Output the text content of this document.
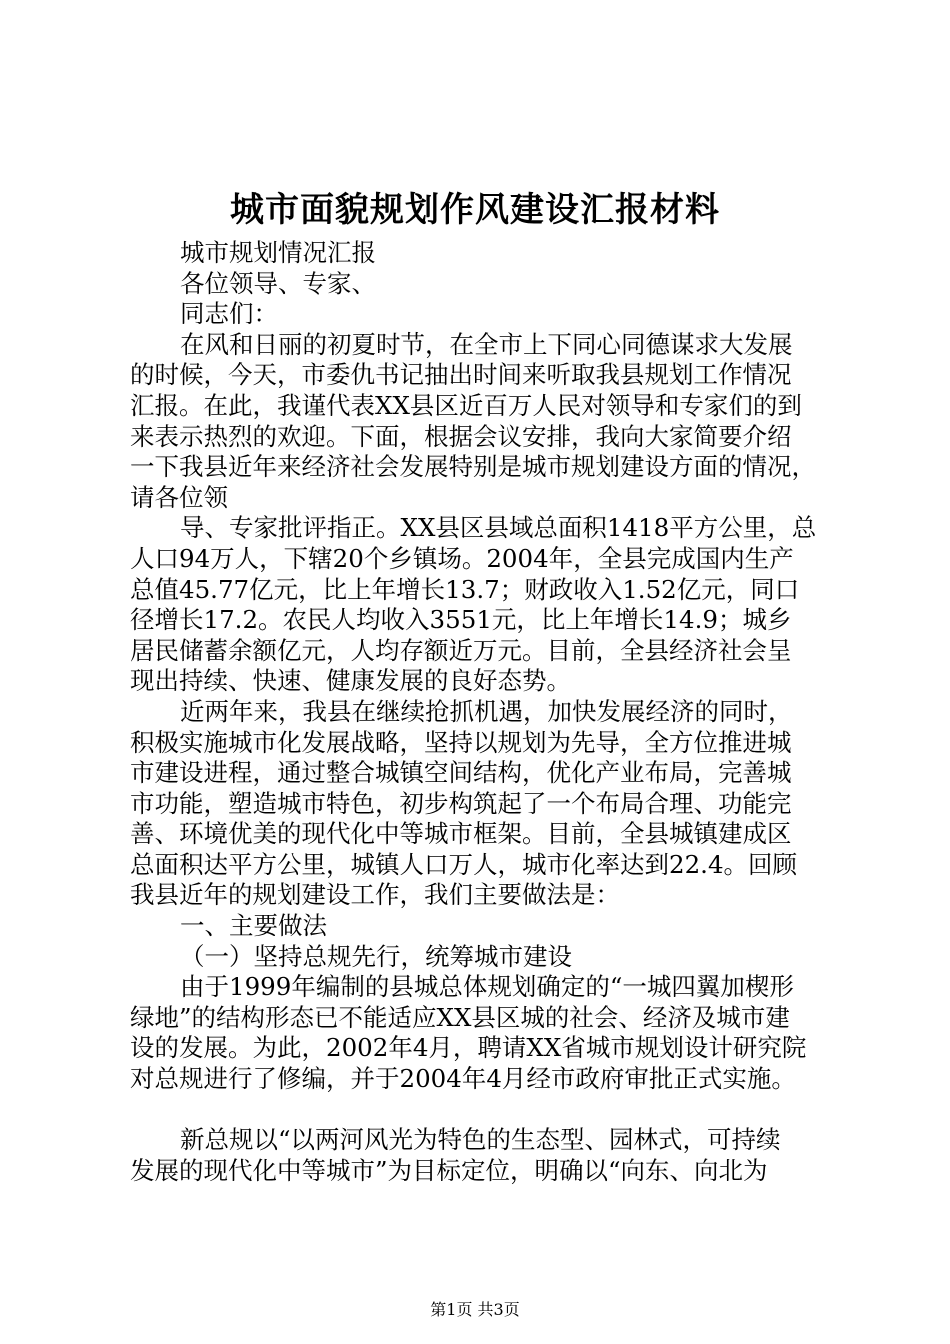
城市面貌规划作风建设汇报材料
城市规划情况汇报
各位领导、专家、
同志们：
在风和日丽的初夏时节，在全市上下同心同德谋求大发展
的时候，今天，市委仇书记抽出时间来听取我县规划工作情况
汇报。在此，我谨代表XX县区近百万人民对领导和专家们的到
来表示热烈的欢迎。下面，根据会议安排，我向大家简要介绍
一下我县近年来经济社会发展特别是城市规划建设方面的情况，
请各位领
导、专家批评指正。XX县区县域总面积1418平方公里，总
人口94万人，下辖20个乡镇场。2004年，全县完成国内生产
总值45.77亿元，比上年增长13.7；财政收入1.52亿元，同口
径增长17.2。农民人均收入3551元，比上年增长14.9；城乡
居民储蓄余额亿元，人均存额近万元。目前，全县经济社会呈
现出持续、快速、健康发展的良好态势。
近两年来，我县在继续抢抓机遇，加快发展经济的同时，
积极实施城市化发展战略，坚持以规划为先导，全方位推进城
市建设进程，通过整合城镇空间结构，优化产业布局，完善城
市功能，塑造城市特色，初步构筑起了一个布局合理、功能完
善、环境优美的现代化中等城市框架。目前，全县城镇建成区
总面积达平方公里，城镇人口万人，城市化率达到22.4。回顾
我县近年的规划建设工作，我们主要做法是：
一、主要做法
（一）坚持总规先行，统筹城市建设
由于1999年编制的县城总体规划确定的“一城四翼加楔形
绿地”的结构形态已不能适应XX县区城的社会、经济及城市建
设的发展。为此，2002年4月，聘请XX省城市规划设计研究院
对总规进行了修编，并于2004年4月经市政府审批正式实施。
新总规以“以两河风光为特色的生态型、园林式，可持续
发展的现代化中等城市”为目标定位，明确以“向东、向北为
第1页 共3页
